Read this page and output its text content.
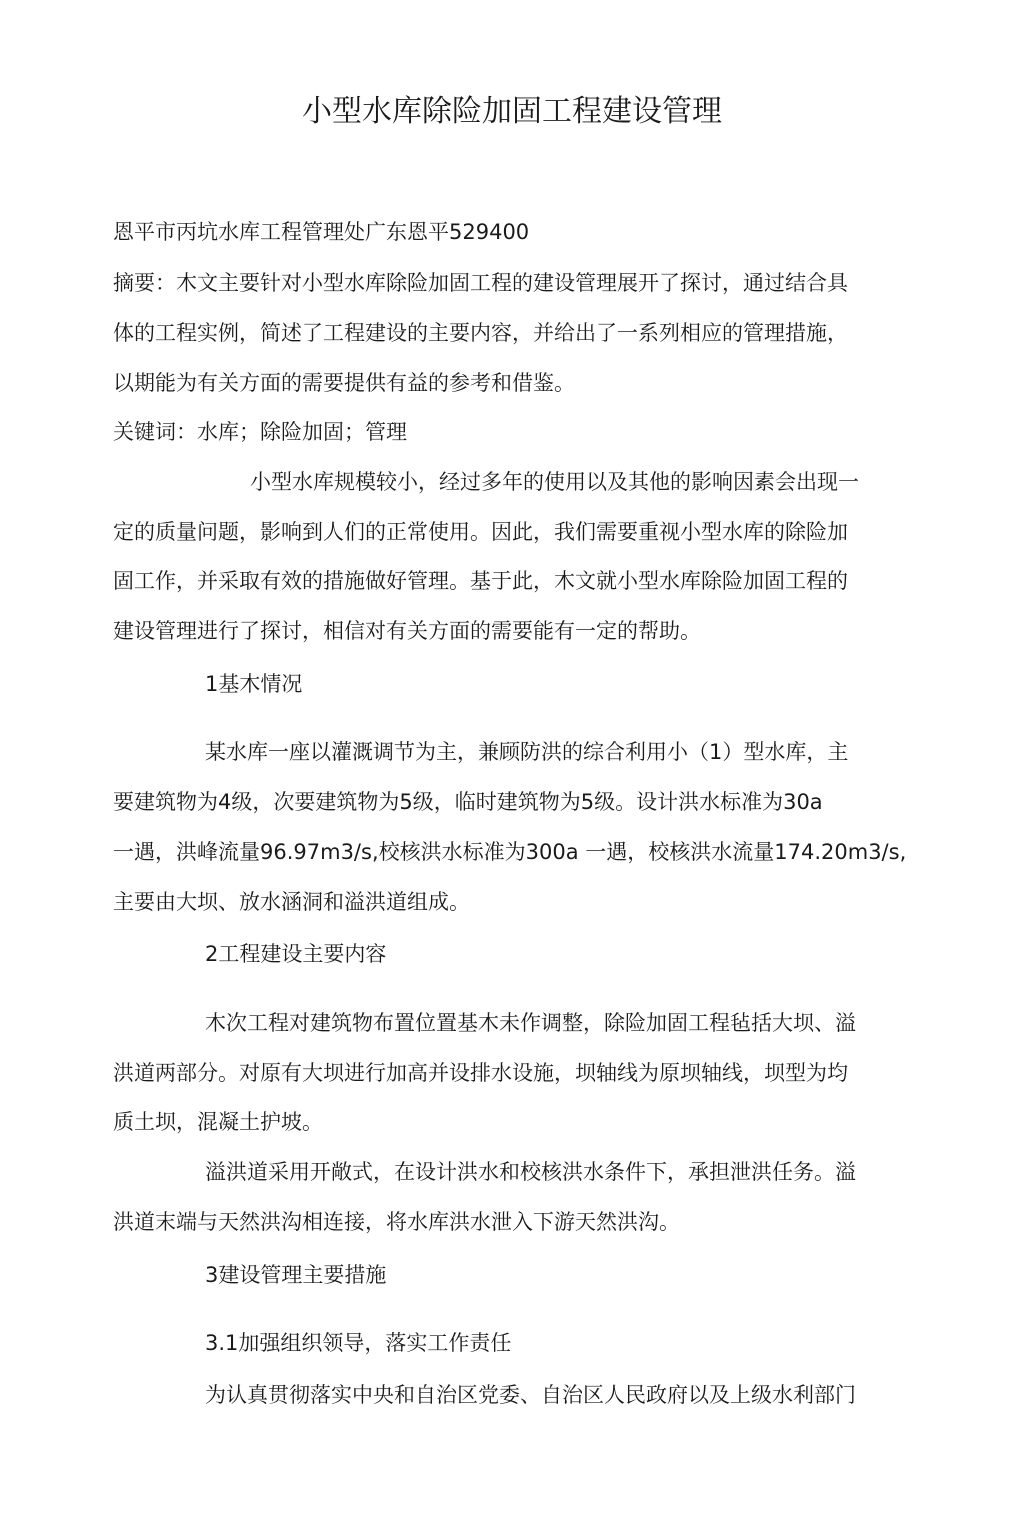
小型水库除险加固工程建设管理

恩平市丙坑水库工程管理处广东恩平529400

摘要：木文主要针对小型水库除险加固工程的建设管理展开了探讨，通过结合具

体的工程实例，简述了工程建设的主要内容，并给出了一系列相应的管理措施，

以期能为有关方面的需要提供有益的参考和借鉴。

关键词：水库；除险加固；管理

小型水库规模较小，经过多年的使用以及其他的影响因素会出现一

定的质量问题，影响到人们的正常使用。因此，我们需要重视小型水库的除险加

固工作，并采取有效的措施做好管理。基于此，木文就小型水库除险加固工程的

建设管理进行了探讨，相信对有关方面的需要能有一定的帮助。

1基木情况

某水库一座以灌溉调节为主，兼顾防洪的综合利用小（1）型水库，主

要建筑物为4级，次要建筑物为5级，临时建筑物为5级。设计洪水标准为30a

一遇，洪峰流量96.97m3/s,校核洪水标准为300a 一遇，校核洪水流量174.20m3/s,

主要由大坝、放水涵洞和溢洪道组成。

2工程建设主要内容

木次工程对建筑物布置位置基木未作调整，除险加固工程毡括大坝、溢

洪道两部分。对原有大坝进行加高并设排水设施，坝轴线为原坝轴线，坝型为均

质土坝，混凝土护坡。

溢洪道采用开敞式，在设计洪水和校核洪水条件下，承担泄洪任务。溢

洪道末端与天然洪沟相连接，将水库洪水泄入下游天然洪沟。

3建设管理主要措施

3.1加强组织领导，落实工作责任

为认真贯彻落实中央和自治区党委、自治区人民政府以及上级水利部门
